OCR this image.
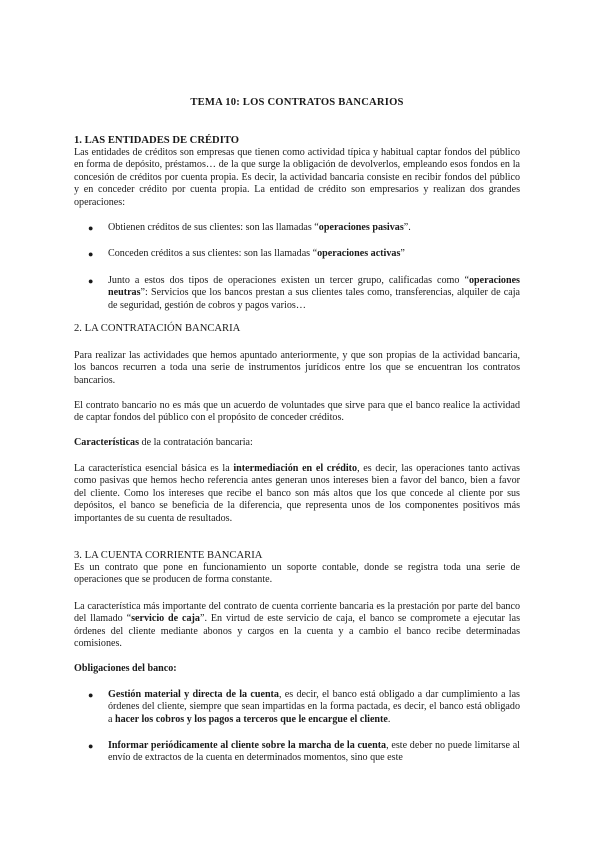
TEMA 10: LOS CONTRATOS BANCARIOS
1. LAS ENTIDADES DE CRÉDITO

Las entidades de créditos son empresas que tienen como actividad típica y habitual captar fondos del público en forma de depósito, préstamos… de la que surge la obligación de devolverlos, empleando esos fondos en la concesión de créditos por cuenta propia. Es decir, la actividad bancaria consiste en recibir fondos del público y en conceder crédito por cuenta propia. La entidad de crédito son empresarios y realizan dos grandes operaciones:

● Obtienen créditos de sus clientes: son las llamadas “operaciones pasivas”.
● Conceden créditos a sus clientes: son las llamadas “operaciones activas”
● Junto a estos dos tipos de operaciones existen un tercer grupo, calificadas como “operaciones neutras”: Servicios que los bancos prestan a sus clientes tales como, transferencias, alquiler de caja de seguridad, gestión de cobros y pagos varios…
2. LA CONTRATACIÓN BANCARIA

Para realizar las actividades que hemos apuntado anteriormente, y que son propias de la actividad bancaria, los bancos recurren a toda una serie de instrumentos jurídicos entre los que se encuentran los contratos bancarios.

El contrato bancario no es más que un acuerdo de voluntades que sirve para que el banco realice la actividad de captar fondos del público con el propósito de conceder créditos.

Características de la contratación bancaria:

La característica esencial básica es la intermediación en el crédito, es decir, las operaciones tanto activas como pasivas que hemos hecho referencia antes generan unos intereses bien a favor del banco, bien a favor del cliente. Como los intereses que recibe el banco son más altos que los que concede al cliente por sus depósitos, el banco se beneficia de la diferencia, que representa unos de los componentes positivos más importantes de su cuenta de resultados.

3. LA CUENTA CORRIENTE BANCARIA

Es un contrato que pone en funcionamiento un soporte contable, donde se registra toda una serie de operaciones que se producen de forma constante.

La característica más importante del contrato de cuenta corriente bancaria es la prestación por parte del banco del llamado “servicio de caja”. En virtud de este servicio de caja, el banco se compromete a ejecutar las órdenes del cliente mediante abonos y cargos en la cuenta y a cambio el banco recibe determinadas comisiones.

Obligaciones del banco:

● Gestión material y directa de la cuenta, es decir, el banco está obligado a dar cumplimiento a las órdenes del cliente, siempre que sean impartidas en la forma pactada, es decir, el banco está obligado a hacer los cobros y los pagos a terceros que le encargue el cliente.
● Informar periódicamente al cliente sobre la marcha de la cuenta, este deber no puede limitarse al envío de extractos de la cuenta en determinados momentos, sino que este
